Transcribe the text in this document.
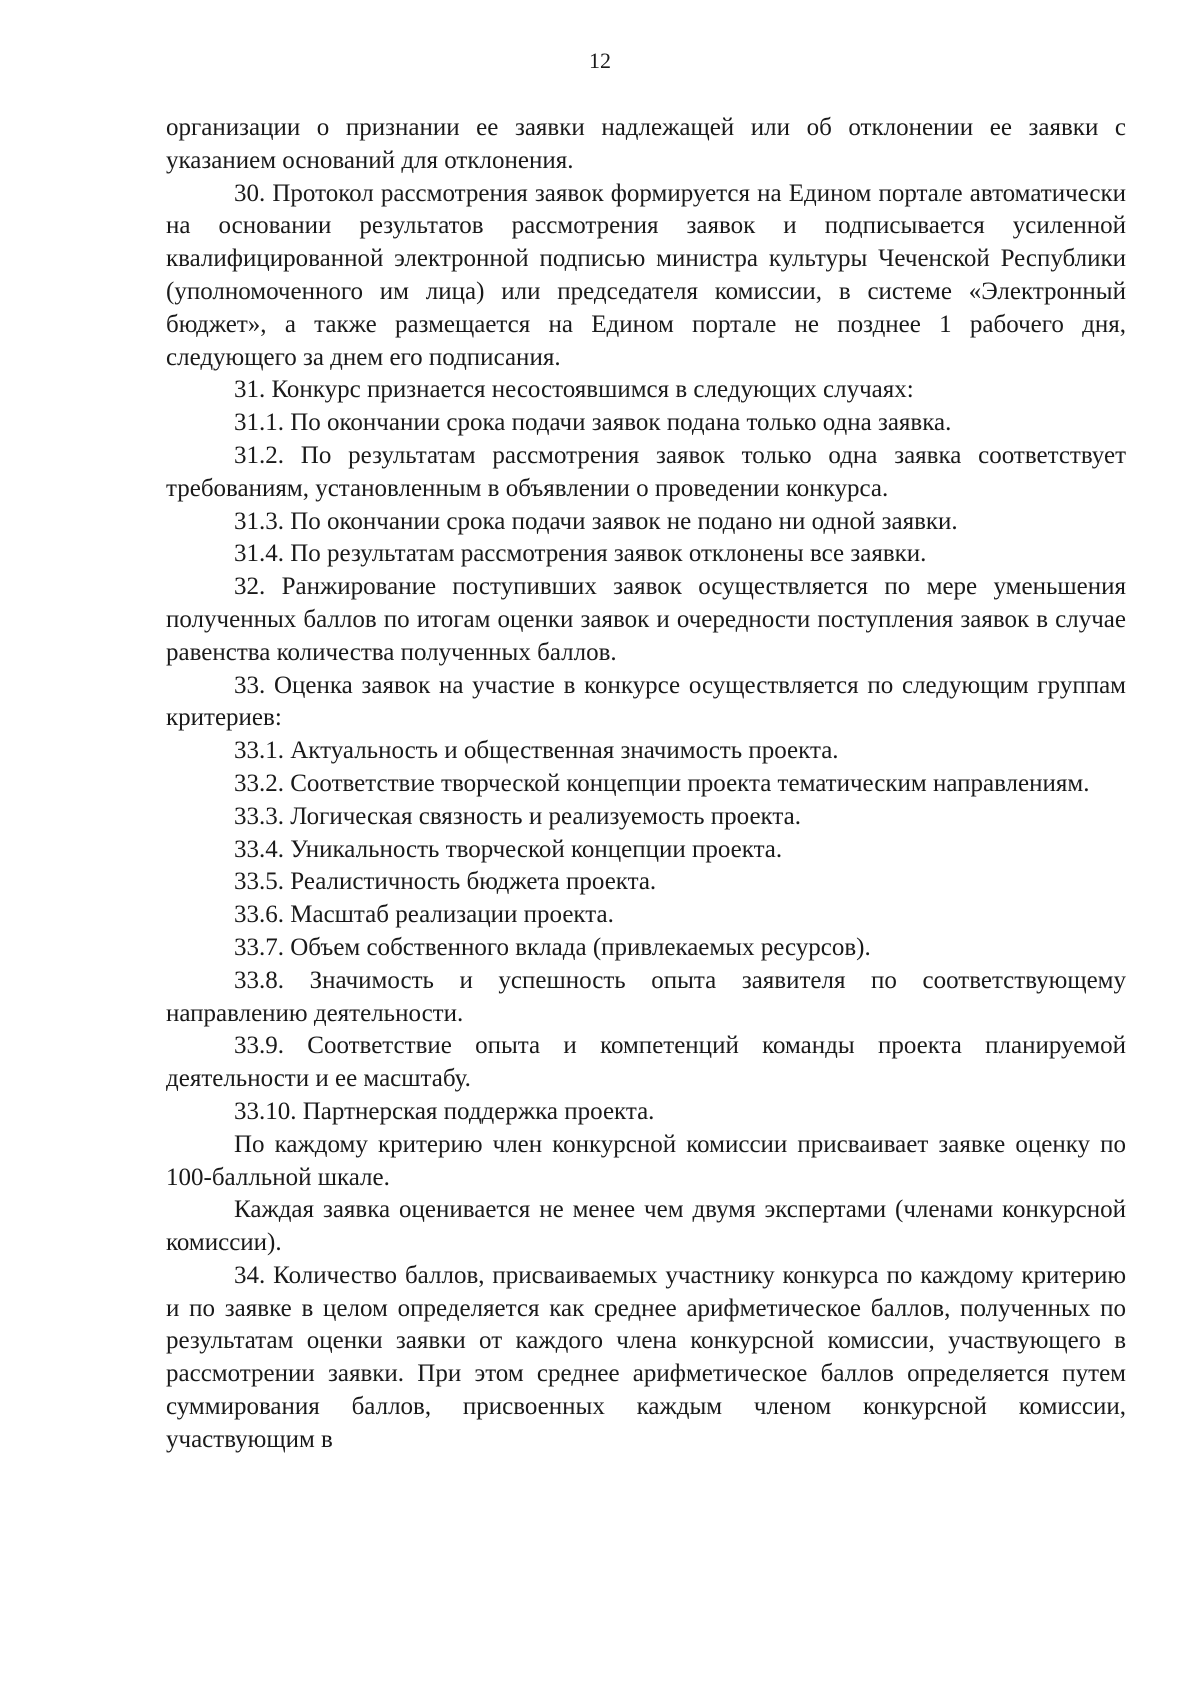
12

организации о признании ее заявки надлежащей или об отклонении ее заявки с указанием оснований для отклонения.

30. Протокол рассмотрения заявок формируется на Едином портале автоматически на основании результатов рассмотрения заявок и подписывается усиленной квалифицированной электронной подписью министра культуры Чеченской Республики (уполномоченного им лица) или председателя комиссии, в системе «Электронный бюджет», а также размещается на Едином портале не позднее 1 рабочего дня, следующего за днем его подписания.

31. Конкурс признается несостоявшимся в следующих случаях:

31.1. По окончании срока подачи заявок подана только одна заявка.

31.2. По результатам рассмотрения заявок только одна заявка соответствует требованиям, установленным в объявлении о проведении конкурса.

31.3. По окончании срока подачи заявок не подано ни одной заявки.

31.4. По результатам рассмотрения заявок отклонены все заявки.

32. Ранжирование поступивших заявок осуществляется по мере уменьшения полученных баллов по итогам оценки заявок и очередности поступления заявок в случае равенства количества полученных баллов.

33. Оценка заявок на участие в конкурсе осуществляется по следующим группам критериев:

33.1. Актуальность и общественная значимость проекта.

33.2. Соответствие творческой концепции проекта тематическим направлениям.

33.3. Логическая связность и реализуемость проекта.

33.4. Уникальность творческой концепции проекта.

33.5. Реалистичность бюджета проекта.

33.6. Масштаб реализации проекта.

33.7. Объем собственного вклада (привлекаемых ресурсов).

33.8. Значимость и успешность опыта заявителя по соответствующему направлению деятельности.

33.9. Соответствие опыта и компетенций команды проекта планируемой деятельности и ее масштабу.

33.10. Партнерская поддержка проекта.

По каждому критерию член конкурсной комиссии присваивает заявке оценку по 100-балльной шкале.

Каждая заявка оценивается не менее чем двумя экспертами (членами конкурсной комиссии).

34. Количество баллов, присваиваемых участнику конкурса по каждому критерию и по заявке в целом определяется как среднее арифметическое баллов, полученных по результатам оценки заявки от каждого члена конкурсной комиссии, участвующего в рассмотрении заявки. При этом среднее арифметическое баллов определяется путем суммирования баллов, присвоенных каждым членом конкурсной комиссии, участвующим в
